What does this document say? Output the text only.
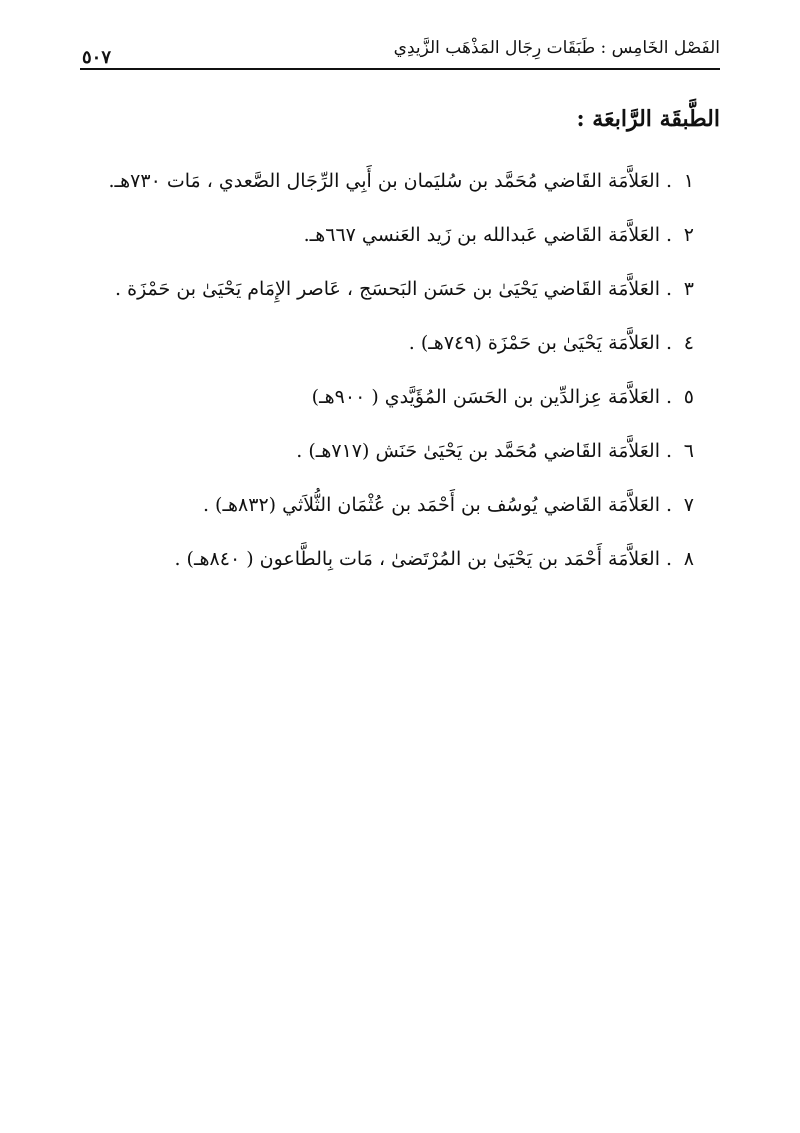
الفَصْل الخَامِس : طَبَقَات رِجَال المَذْهَب الزَّيدِي
٥٠٧
الطَّبقَة الرَّابعَة :
١
.
العَلاَّمَة القَاضي مُحَمَّد بن سُليَمان بن أَبِي الرِّجَال الصَّعدي ، مَات ٧٣٠هـ.
٢
.
العَلاَّمَة القَاضي عَبدالله بن زَيد العَنسي ٦٦٧هـ.
٣
.
العَلاَّمَة القَاضي يَحْيَىٰ بن حَسَن البَحسَج ، عَاصر الإِمَام يَحْيَىٰ بن حَمْزَة .
٤
.
العَلاَّمَة يَحْيَىٰ بن حَمْزَة (٧٤٩هـ) .
٥
.
العَلاَّمَة عِزالدِّين بن الحَسَن المُؤَيَّدي ( ٩٠٠هـ)
٦
.
العَلاَّمَة القَاضي مُحَمَّد بن يَحْيَىٰ حَنَش (٧١٧هـ) .
٧
.
العَلاَّمَة القَاضي يُوسُف بن أَحْمَد بن عُثْمَان الثُّلاَثي (٨٣٢هـ) .
٨
.
العَلاَّمَة أَحْمَد بن يَحْيَىٰ بن المُرْتَضىٰ ، مَات بِالطَّاعون ( ٨٤٠هـ) .
